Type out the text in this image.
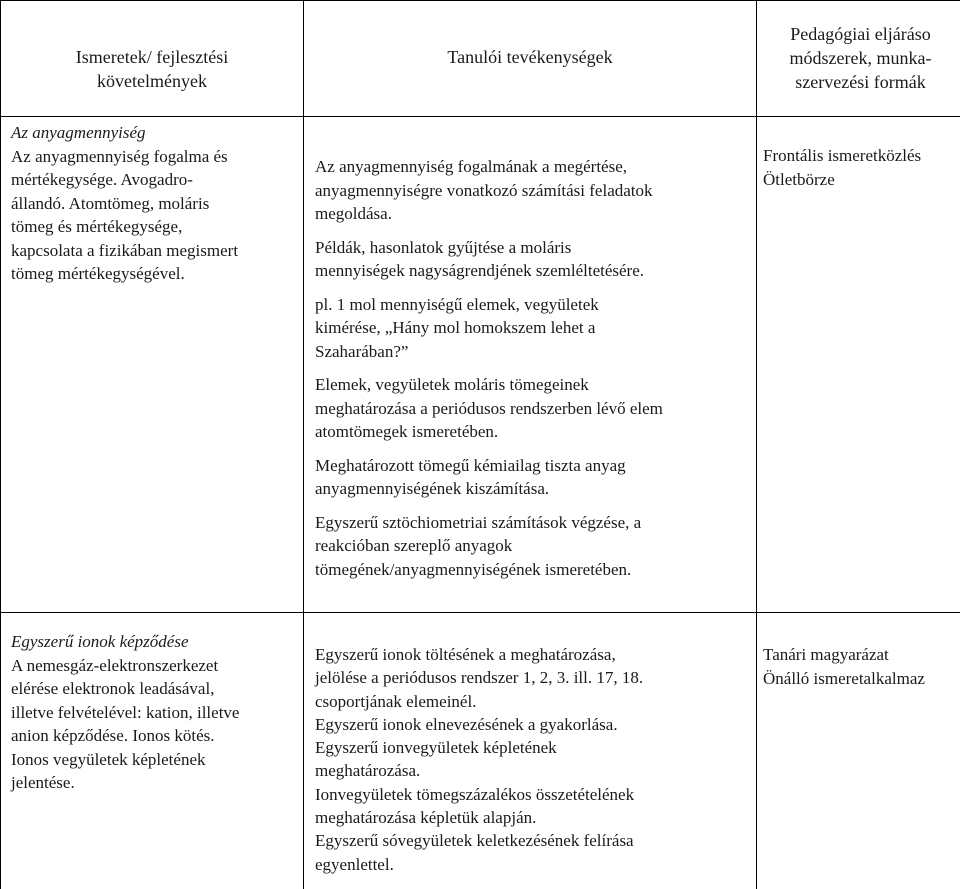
Ismeretek/ fejlesztési
követelmények
Tanulói tevékenységek
Pedagógiai eljáráso
módszerek, munka-
szervezési formák
Az anyagmennyiség
Az anyagmennyiség fogalma és
mértékegysége. Avogadro-
állandó. Atomtömeg, moláris
tömeg és mértékegysége,
kapcsolata a fizikában megismert
tömeg mértékegységével.

Az anyagmennyiség fogalmának a megértése,
anyagmennyiségre vonatkozó számítási feladatok
megoldása.

Példák, hasonlatok gyűjtése a moláris
mennyiségek nagyságrendjének szemléltetésére.

pl. 1 mol mennyiségű elemek, vegyületek
kimérése, „Hány mol homokszem lehet a
Szaharában?”

Elemek, vegyületek moláris tömegeinek
meghatározása a periódusos rendszerben lévő elem
atomtömegek ismeretében.

Meghatározott tömegű kémiailag tiszta anyag
anyagmennyiségének kiszámítása.

Egyszerű sztöchiometriai számítások végzése, a
reakcióban szereplő anyagok
tömegének/anyagmennyiségének ismeretében.

Frontális ismeretközlés
Ötletbörze
Egyszerű ionok képződése
A nemesgáz-elektronszerkezet
elérése elektronok leadásával,
illetve felvételével: kation, illetve
anion képződése. Ionos kötés.
Ionos vegyületek képletének
jelentése.
Egyszerű ionok töltésének a meghatározása,
jelölése a periódusos rendszer 1, 2, 3. ill. 17, 18.
csoportjának elemeinél.
Egyszerű ionok elnevezésének a gyakorlása.
Egyszerű ionvegyületek képletének
meghatározása.
Ionvegyületek tömegszázalékos összetételének
meghatározása képletük alapján.
Egyszerű sóvegyületek keletkezésének felírása
egyenlettel.
Tanári magyarázat
Önálló ismeretalkalmaz
